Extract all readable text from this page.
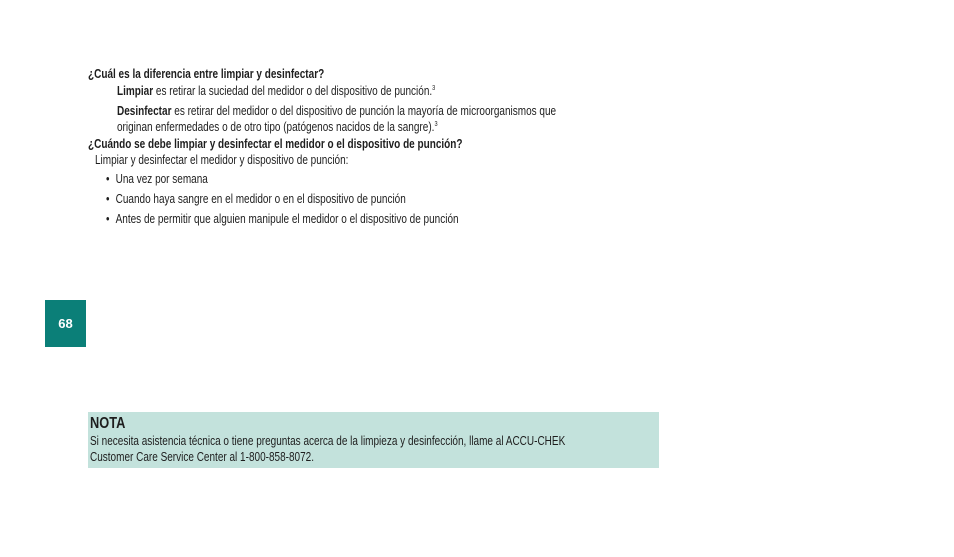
¿Cuál es la diferencia entre limpiar y desinfectar?
Limpiar es retirar la suciedad del medidor o del dispositivo de punción.$^3$
Desinfectar es retirar del medidor o del dispositivo de punción la mayoría de microorganismos que
originan enfermedades o de otro tipo (patógenos nacidos de la sangre).$^3$
¿Cuándo se debe limpiar y desinfectar el medidor o el dispositivo de punción?
Limpiar y desinfectar el medidor y dispositivo de punción:
• Una vez por semana
• Cuando haya sangre en el medidor o en el dispositivo de punción
• Antes de permitir que alguien manipule el medidor o el dispositivo de punción
68
NOTA
Si necesita asistencia técnica o tiene preguntas acerca de la limpieza y desinfección, llame al ACCU-CHEK
Customer Care Service Center al 1-800-858-8072.
